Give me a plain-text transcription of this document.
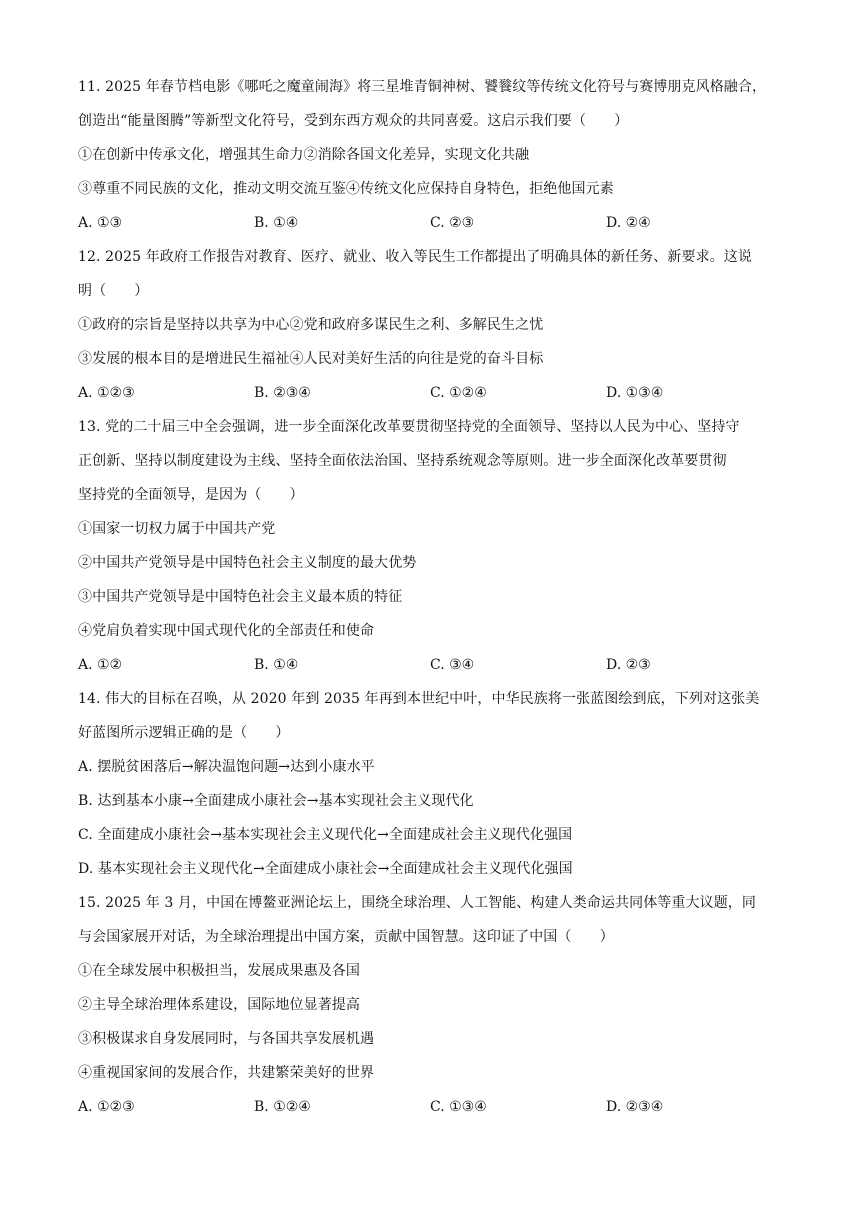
11. 2025 年春节档电影《哪吒之魔童闹海》将三星堆青铜神树、饕餮纹等传统文化符号与赛博朋克风格融合，
创造出“能量图腾”等新型文化符号，受到东西方观众的共同喜爱。这启示我们要（　　）
①在创新中传承文化，增强其生命力②消除各国文化差异，实现文化共融
③尊重不同民族的文化，推动文明交流互鉴④传统文化应保持自身特色，拒绝他国元素
A. ①③	B. ①④	C. ②③	D. ②④
12. 2025 年政府工作报告对教育、医疗、就业、收入等民生工作都提出了明确具体的新任务、新要求。这说
明（　　）
①政府的宗旨是坚持以共享为中心②党和政府多谋民生之利、多解民生之忧
③发展的根本目的是增进民生福祉④人民对美好生活的向往是党的奋斗目标
A. ①②③	B. ②③④	C. ①②④	D. ①③④
13. 党的二十届三中全会强调，进一步全面深化改革要贯彻坚持党的全面领导、坚持以人民为中心、坚持守
正创新、坚持以制度建设为主线、坚持全面依法治国、坚持系统观念等原则。进一步全面深化改革要贯彻
坚持党的全面领导，是因为（　　）
①国家一切权力属于中国共产党
②中国共产党领导是中国特色社会主义制度的最大优势
③中国共产党领导是中国特色社会主义最本质的特征
④党肩负着实现中国式现代化的全部责任和使命
A. ①②	B. ①④	C. ③④	D. ②③
14. 伟大的目标在召唤，从 2020 年到 2035 年再到本世纪中叶，中华民族将一张蓝图绘到底，下列对这张美
好蓝图所示逻辑正确的是（　　）
A. 摆脱贫困落后→解决温饱问题→达到小康水平
B. 达到基本小康→全面建成小康社会→基本实现社会主义现代化
C. 全面建成小康社会→基本实现社会主义现代化→全面建成社会主义现代化强国
D. 基本实现社会主义现代化→全面建成小康社会→全面建成社会主义现代化强国
15. 2025 年 3 月，中国在博鳌亚洲论坛上，围绕全球治理、人工智能、构建人类命运共同体等重大议题，同
与会国家展开对话，为全球治理提出中国方案，贡献中国智慧。这印证了中国（　　）
①在全球发展中积极担当，发展成果惠及各国
②主导全球治理体系建设，国际地位显著提高
③积极谋求自身发展同时，与各国共享发展机遇
④重视国家间的发展合作，共建繁荣美好的世界
A. ①②③	B. ①②④	C. ①③④	D. ②③④
